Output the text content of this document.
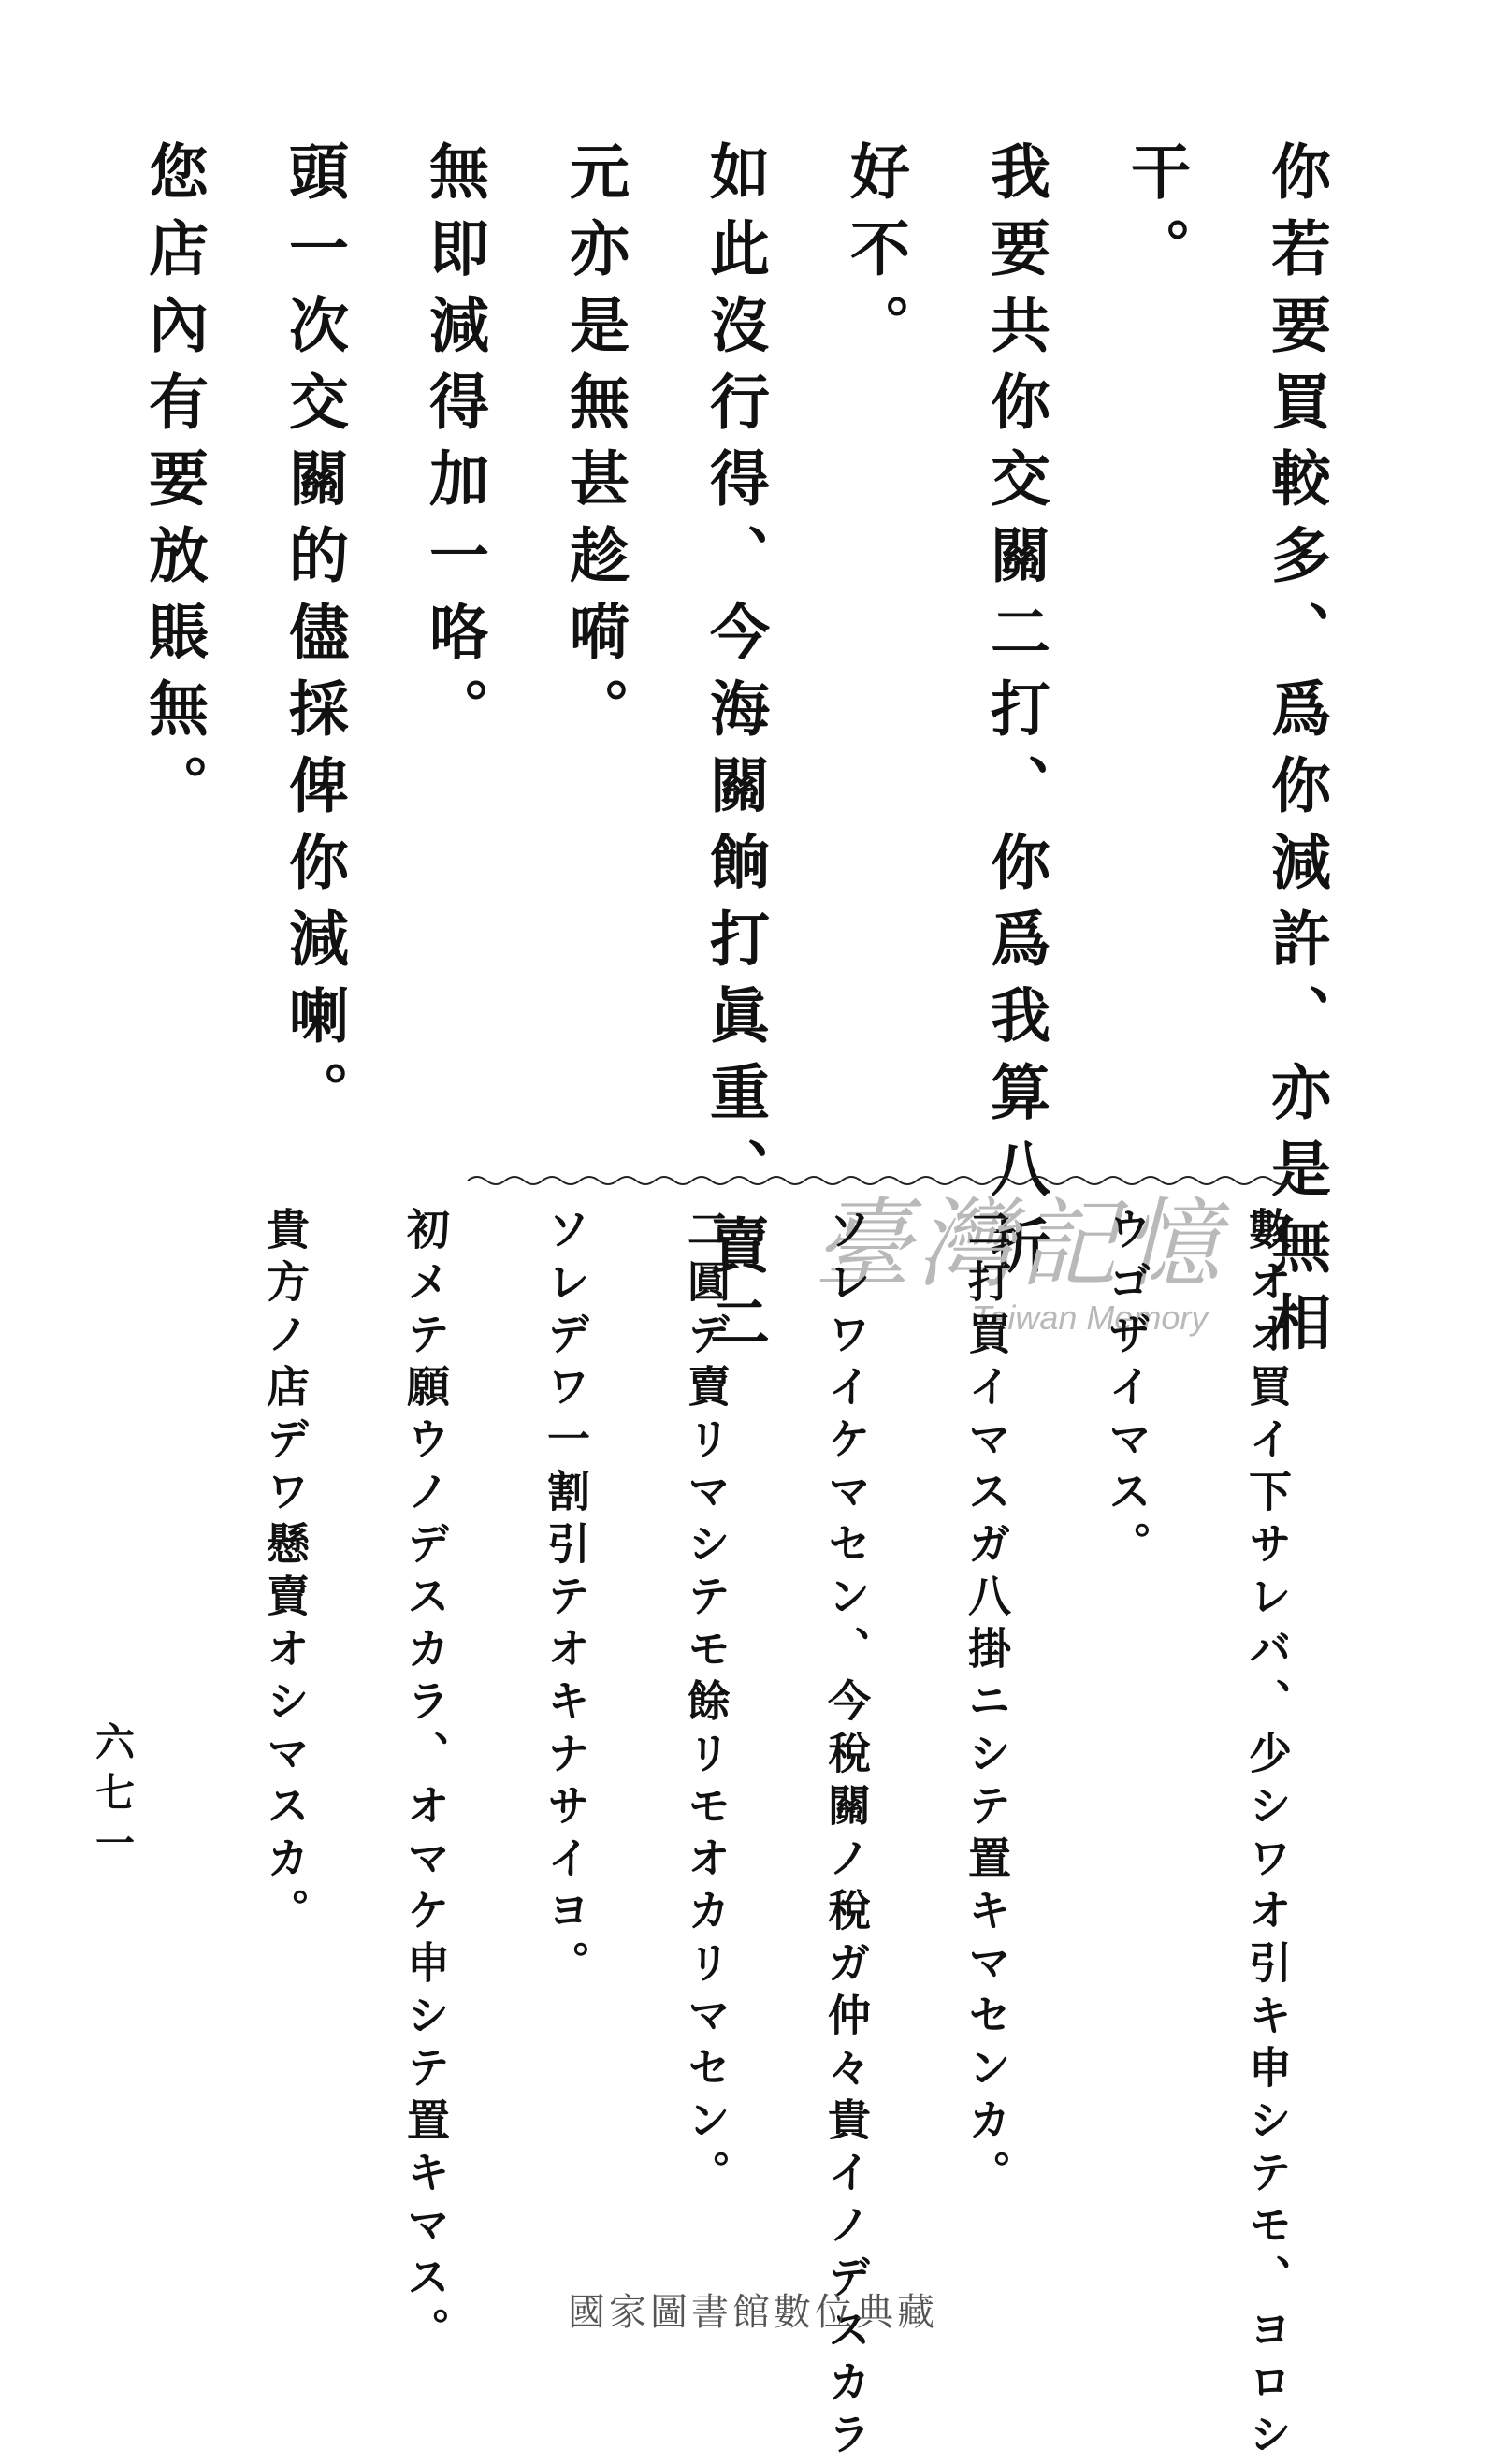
你若要買較多、爲你減許、亦是無相
干。
我要共你交關二打、你爲我算八折
好不。
如此沒行得、今海關餉打眞重、賣二
元亦是無甚趁嗬。
無即減得加一咯。
頭一次交關的儘採俾你減喇。
您店內有要放賬無。
臺灣記憶
Taiwan Memory 數オオ買イ下サレバ、少シワオ引キ申シテモ、ヨロシ
ウゴザイマス。
二打買イマスガ八掛ニシテ置キマセンカ。
ソレワイケマセン、今稅關ノ稅ガ仲々貴イノデスカラ
二圓デ賣リマシテモ餘リモオカリマセン。
ソレデワ一割引テオキナサイヨ。
初メテ願ウノデスカラ、オマケ申シテ置キマス。
貴方ノ店デワ懸賣オシマスカ。
六七一
國家圖書館數位典藏
